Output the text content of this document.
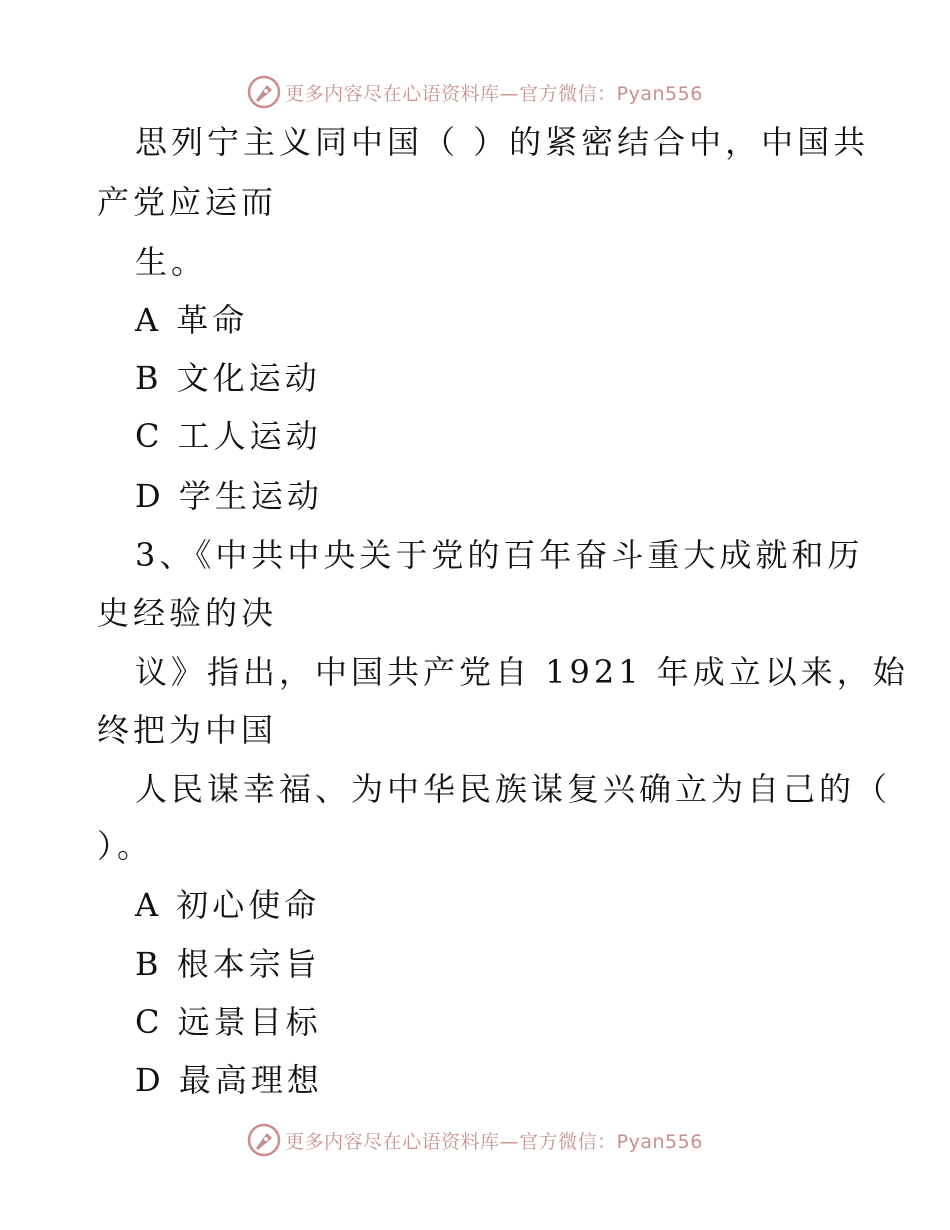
更多内容尽在心语资料库—官方微信：Pyan556
思列宁主义同中国（ ）的紧密结合中，中国共
产党应运而
生。
A 革命
B 文化运动
C 工人运动
D 学生运动
3、《中共中央关于党的百年奋斗重大成就和历
史经验的决
议》指出，中国共产党自 1921 年成立以来，始
终把为中国
人民谋幸福、为中华民族谋复兴确立为自己的（
）。
A 初心使命
B 根本宗旨
C 远景目标
D 最高理想
更多内容尽在心语资料库—官方微信：Pyan556
